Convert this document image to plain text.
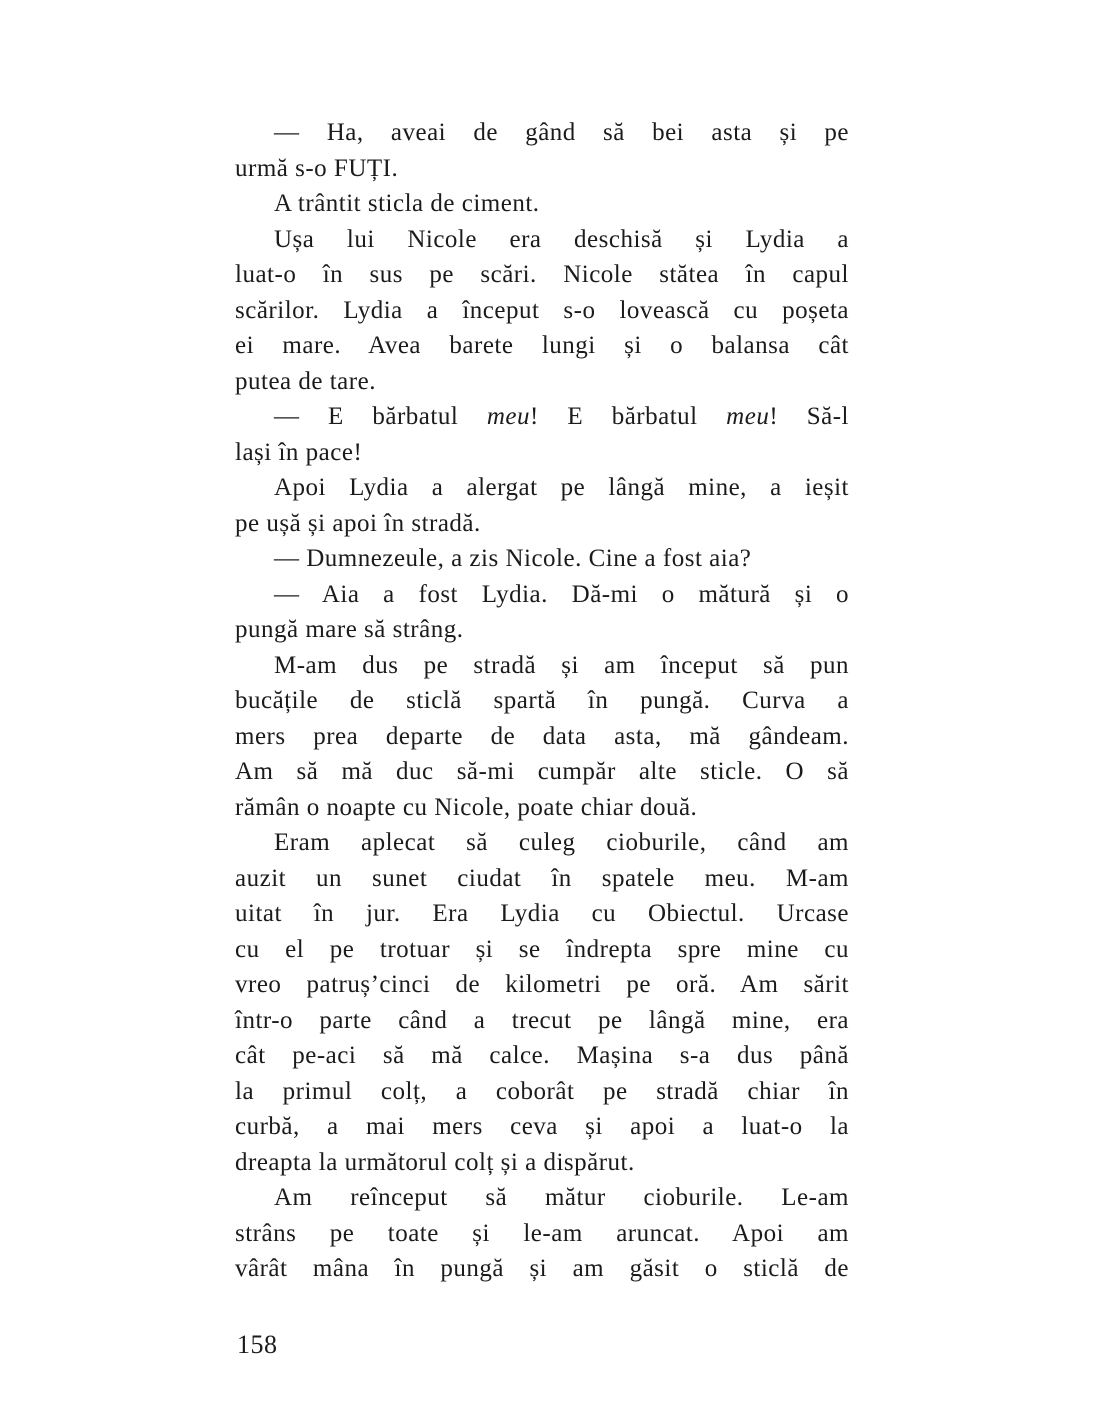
— Ha, aveai de gând să bei asta și pe
urmă s-o FUȚI.
A trântit sticla de ciment.
Ușa lui Nicole era deschisă și Lydia a
luat-o în sus pe scări. Nicole stătea în capul
scărilor. Lydia a început s-o lovească cu poșeta
ei mare. Avea barete lungi și o balansa cât
putea de tare.
— E bărbatul meu! E bărbatul meu! Să-l
lași în pace!
Apoi Lydia a alergat pe lângă mine, a ieșit
pe ușă și apoi în stradă.
— Dumnezeule, a zis Nicole. Cine a fost aia?
— Aia a fost Lydia. Dă-mi o mătură și o
pungă mare să strâng.
M-am dus pe stradă și am început să pun
bucățile de sticlă spartă în pungă. Curva a
mers prea departe de data asta, mă gândeam.
Am să mă duc să-mi cumpăr alte sticle. O să
rămân o noapte cu Nicole, poate chiar două.
Eram aplecat să culeg cioburile, când am
auzit un sunet ciudat în spatele meu. M-am
uitat în jur. Era Lydia cu Obiectul. Urcase
cu el pe trotuar și se îndrepta spre mine cu
vreo patruș’cinci de kilometri pe oră. Am sărit
într-o parte când a trecut pe lângă mine, era
cât pe-aci să mă calce. Mașina s-a dus până
la primul colț, a coborât pe stradă chiar în
curbă, a mai mers ceva și apoi a luat-o la
dreapta la următorul colț și a dispărut.
Am reînceput să mătur cioburile. Le-am
strâns pe toate și le-am aruncat. Apoi am
vârât mâna în pungă și am găsit o sticlă de
158
